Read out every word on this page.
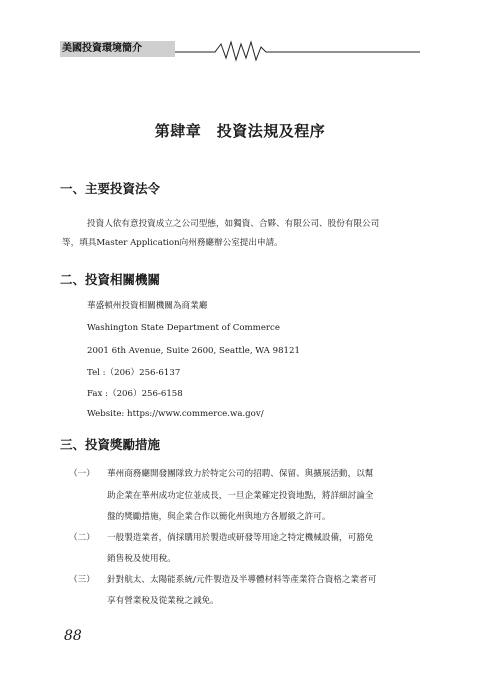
美國投資環境簡介
第肆章　投資法規及程序
一、主要投資法令
投資人依有意投資成立之公司型態，如獨資、合夥、有限公司、股份有限公司
等，填具Master Application向州務廳辦公室提出申請。
二、投資相關機關
華盛頓州投資相關機關為商業廳
Washington State Department of Commerce
2001 6th Avenue, Suite 2600, Seattle, WA 98121
Tel :（206）256-6137
Fax :（206）256-6158
Website: https://www.commerce.wa.gov/
三、投資獎勵措施
（一） 華州商務廳開發團隊致力於特定公司的招聘、保留、與擴展活動，以幫
助企業在華州成功定位並成長，一旦企業確定投資地點，將詳細討論全
盤的獎勵措施，與企業合作以簡化州與地方各層級之許可。
（二） 一般製造業者，倘採購用於製造或研發等用途之特定機械設備，可豁免
銷售稅及使用稅。
（三） 針對航太、太陽能系統/元件製造及半導體材料等產業符合資格之業者可
享有營業稅及從業稅之減免。
88
